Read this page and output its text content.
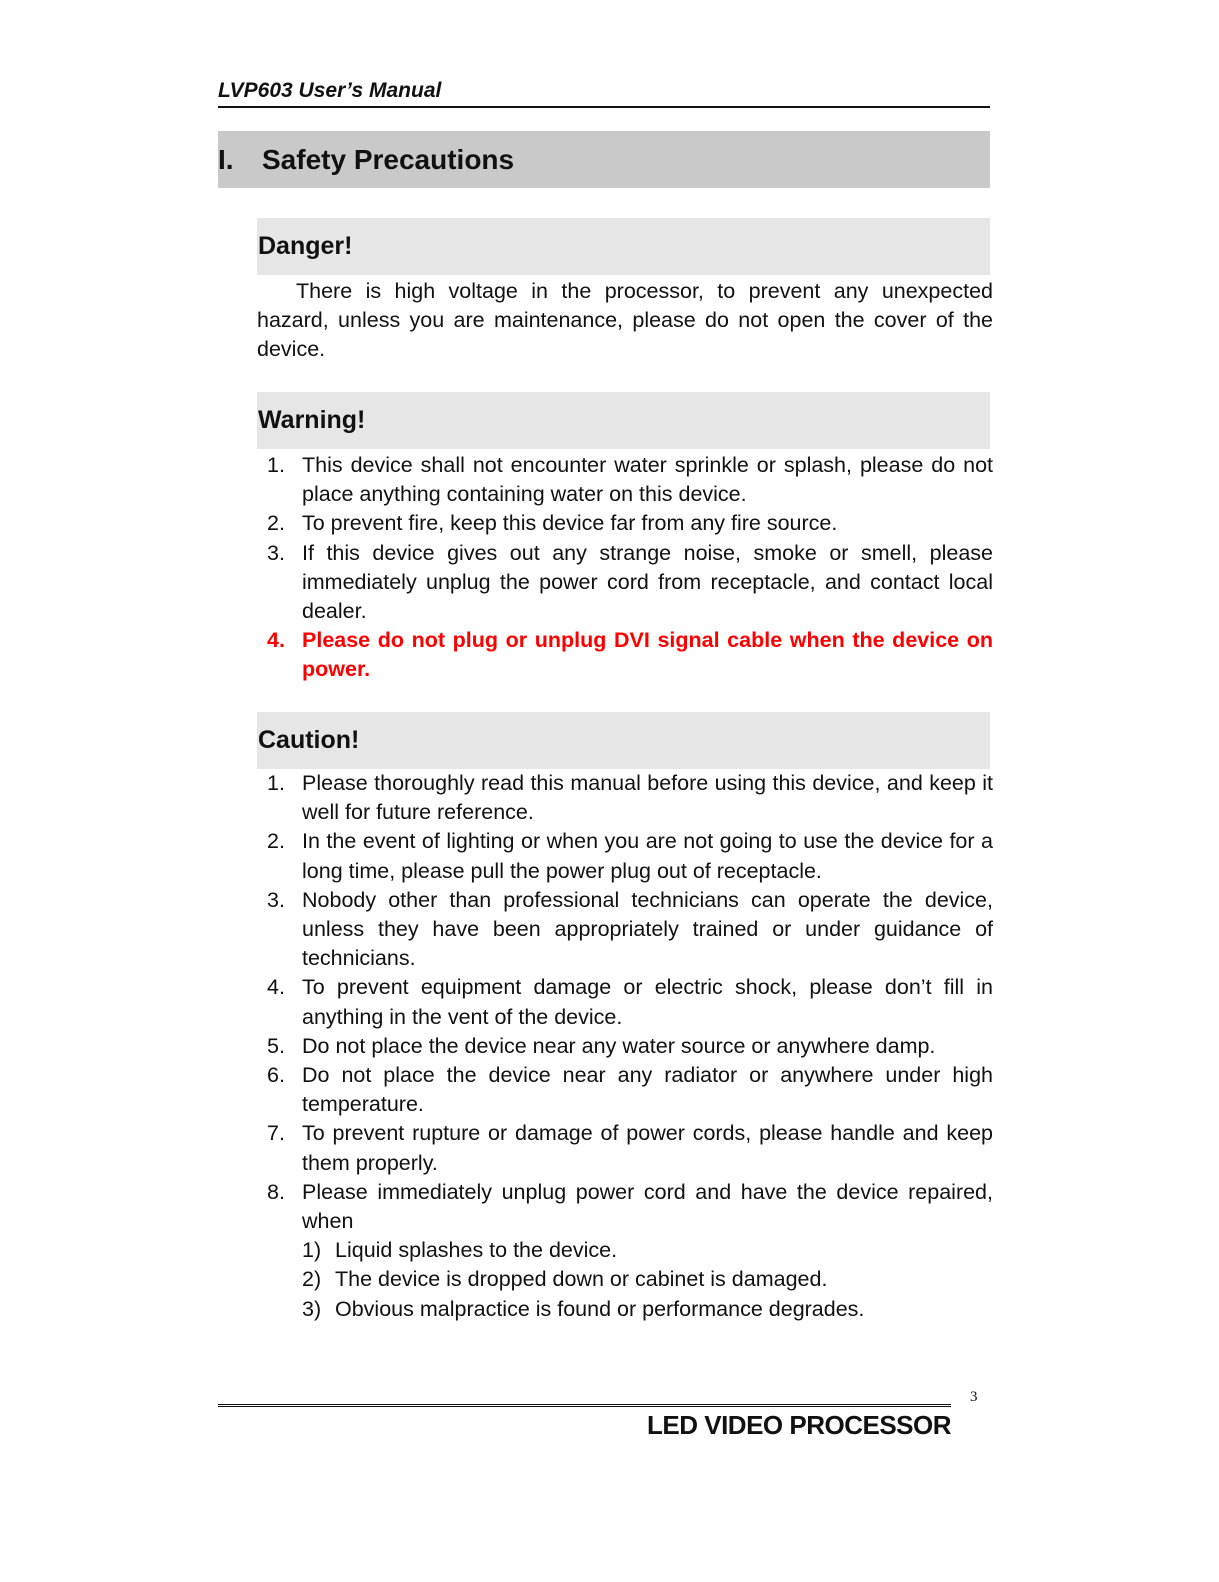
LVP603 User’s Manual
I.	Safety Precautions
Danger!

There is high voltage in the processor, to prevent any unexpected hazard, unless you are maintenance, please do not open the cover of the device.

Warning!
1. This device shall not encounter water sprinkle or splash, please do not place anything containing water on this device.
2. To prevent fire, keep this device far from any fire source.
3. If this device gives out any strange noise, smoke or smell, please immediately unplug the power cord from receptacle, and contact local dealer.
4. Please do not plug or unplug DVI signal cable when the device on power.
Caution!
1. Please thoroughly read this manual before using this device, and keep it well for future reference.
2. In the event of lighting or when you are not going to use the device for a long time, please pull the power plug out of receptacle.
3. Nobody other than professional technicians can operate the device, unless they have been appropriately trained or under guidance of technicians.
4. To prevent equipment damage or electric shock, please don’t fill in anything in the vent of the device.
5. Do not place the device near any water source or anywhere damp.
6. Do not place the device near any radiator or anywhere under high temperature.
7. To prevent rupture or damage of power cords, please handle and keep them properly.
8. Please immediately unplug power cord and have the device repaired, when
1) Liquid splashes to the device.
2) The device is dropped down or cabinet is damaged.
3) Obvious malpractice is found or performance degrades.
3
LED VIDEO PROCESSOR
